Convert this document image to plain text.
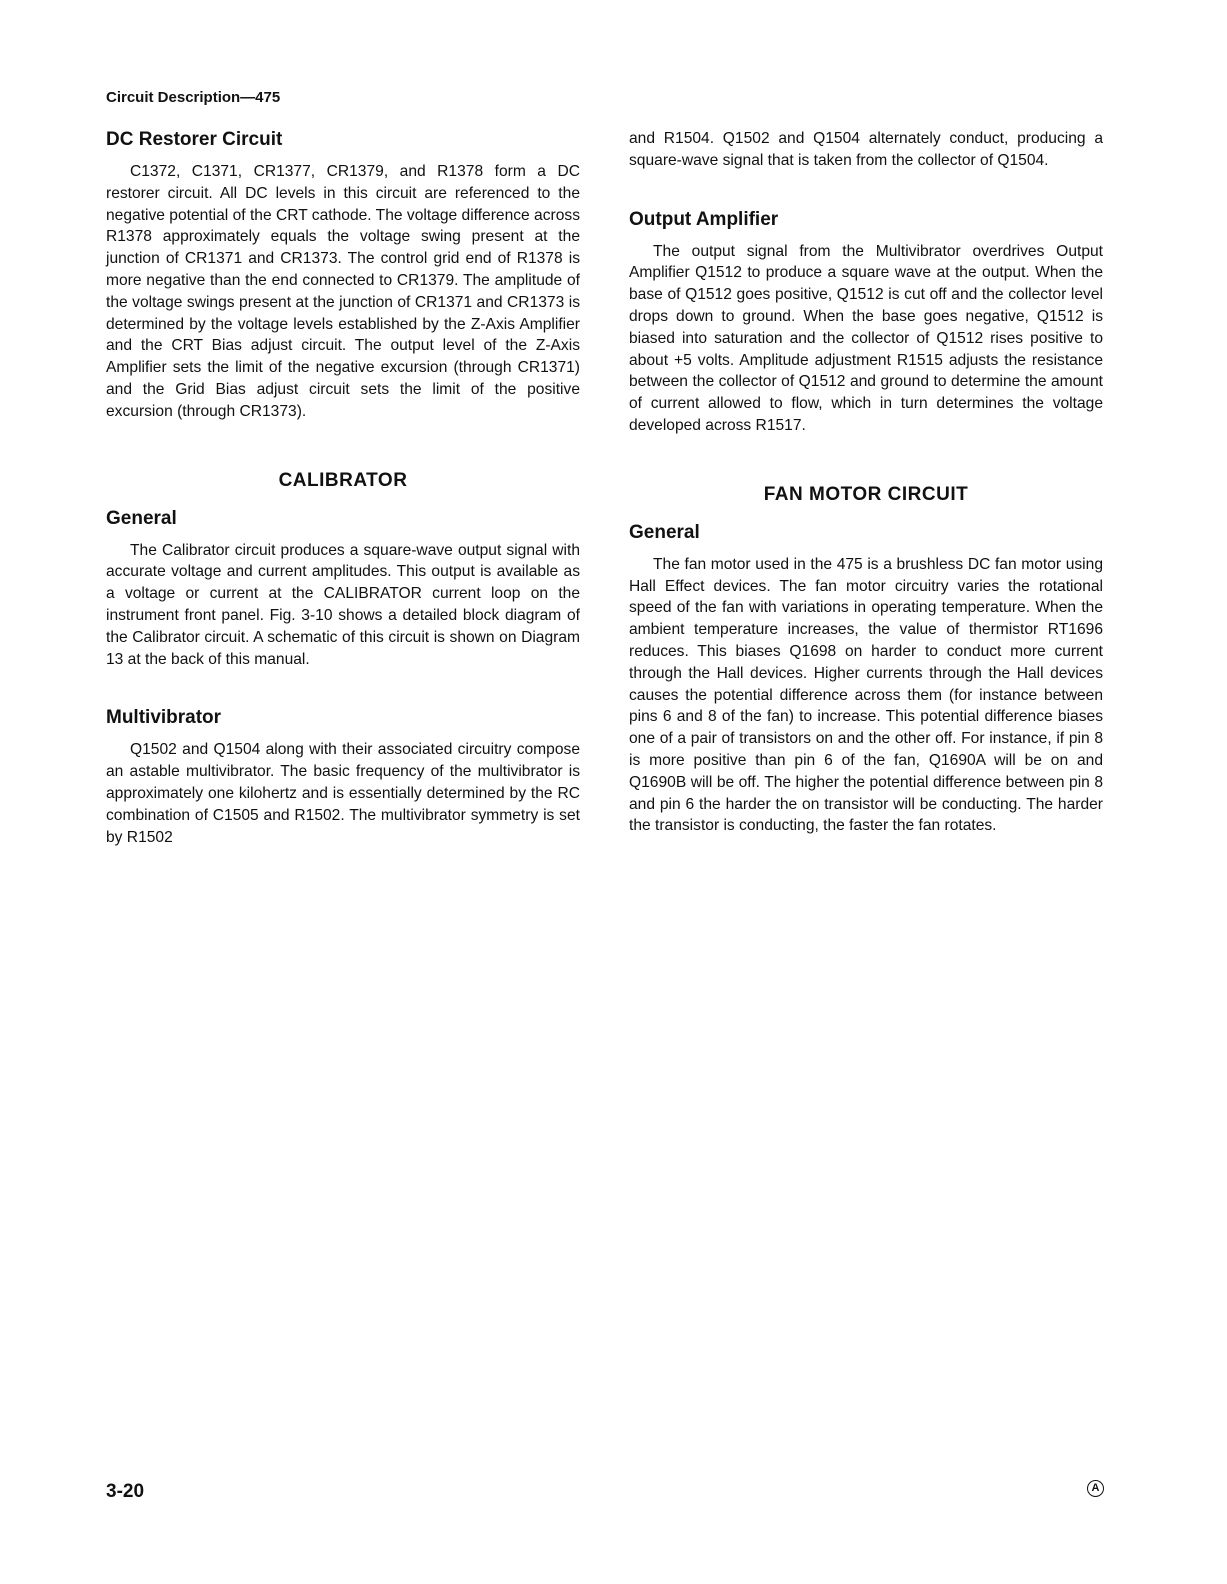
Circuit Description—475
DC Restorer Circuit

C1372, C1371, CR1377, CR1379, and R1378 form a DC restorer circuit. All DC levels in this circuit are referenced to the negative potential of the CRT cathode. The voltage difference across R1378 approximately equals the voltage swing present at the junction of CR1371 and CR1373. The control grid end of R1378 is more negative than the end connected to CR1379. The amplitude of the voltage swings present at the junction of CR1371 and CR1373 is determined by the voltage levels established by the Z-Axis Amplifier and the CRT Bias adjust circuit. The output level of the Z-Axis Amplifier sets the limit of the negative excursion (through CR1371) and the Grid Bias adjust circuit sets the limit of the positive excursion (through CR1373).

CALIBRATOR
General

The Calibrator circuit produces a square-wave output signal with accurate voltage and current amplitudes. This output is available as a voltage or current at the CALIBRATOR current loop on the instrument front panel. Fig. 3-10 shows a detailed block diagram of the Calibrator circuit. A schematic of this circuit is shown on Diagram 13 at the back of this manual.

Multivibrator

Q1502 and Q1504 along with their associated circuitry compose an astable multivibrator. The basic frequency of the multivibrator is approximately one kilohertz and is essentially determined by the RC combination of C1505 and R1502. The multivibrator symmetry is set by R1502

and R1504. Q1502 and Q1504 alternately conduct, producing a square-wave signal that is taken from the collector of Q1504.

Output Amplifier

The output signal from the Multivibrator overdrives Output Amplifier Q1512 to produce a square wave at the output. When the base of Q1512 goes positive, Q1512 is cut off and the collector level drops down to ground. When the base goes negative, Q1512 is biased into saturation and the collector of Q1512 rises positive to about +5 volts. Amplitude adjustment R1515 adjusts the resistance between the collector of Q1512 and ground to determine the amount of current allowed to flow, which in turn determines the voltage developed across R1517.

FAN MOTOR CIRCUIT
General

The fan motor used in the 475 is a brushless DC fan motor using Hall Effect devices. The fan motor circuitry varies the rotational speed of the fan with variations in operating temperature. When the ambient temperature increases, the value of thermistor RT1696 reduces. This biases Q1698 on harder to conduct more current through the Hall devices. Higher currents through the Hall devices causes the potential difference across them (for instance between pins 6 and 8 of the fan) to increase. This potential difference biases one of a pair of transistors on and the other off. For instance, if pin 8 is more positive than pin 6 of the fan, Q1690A will be on and Q1690B will be off. The higher the potential difference between pin 8 and pin 6 the harder the on transistor will be conducting. The harder the transistor is conducting, the faster the fan rotates.

3-20	A
